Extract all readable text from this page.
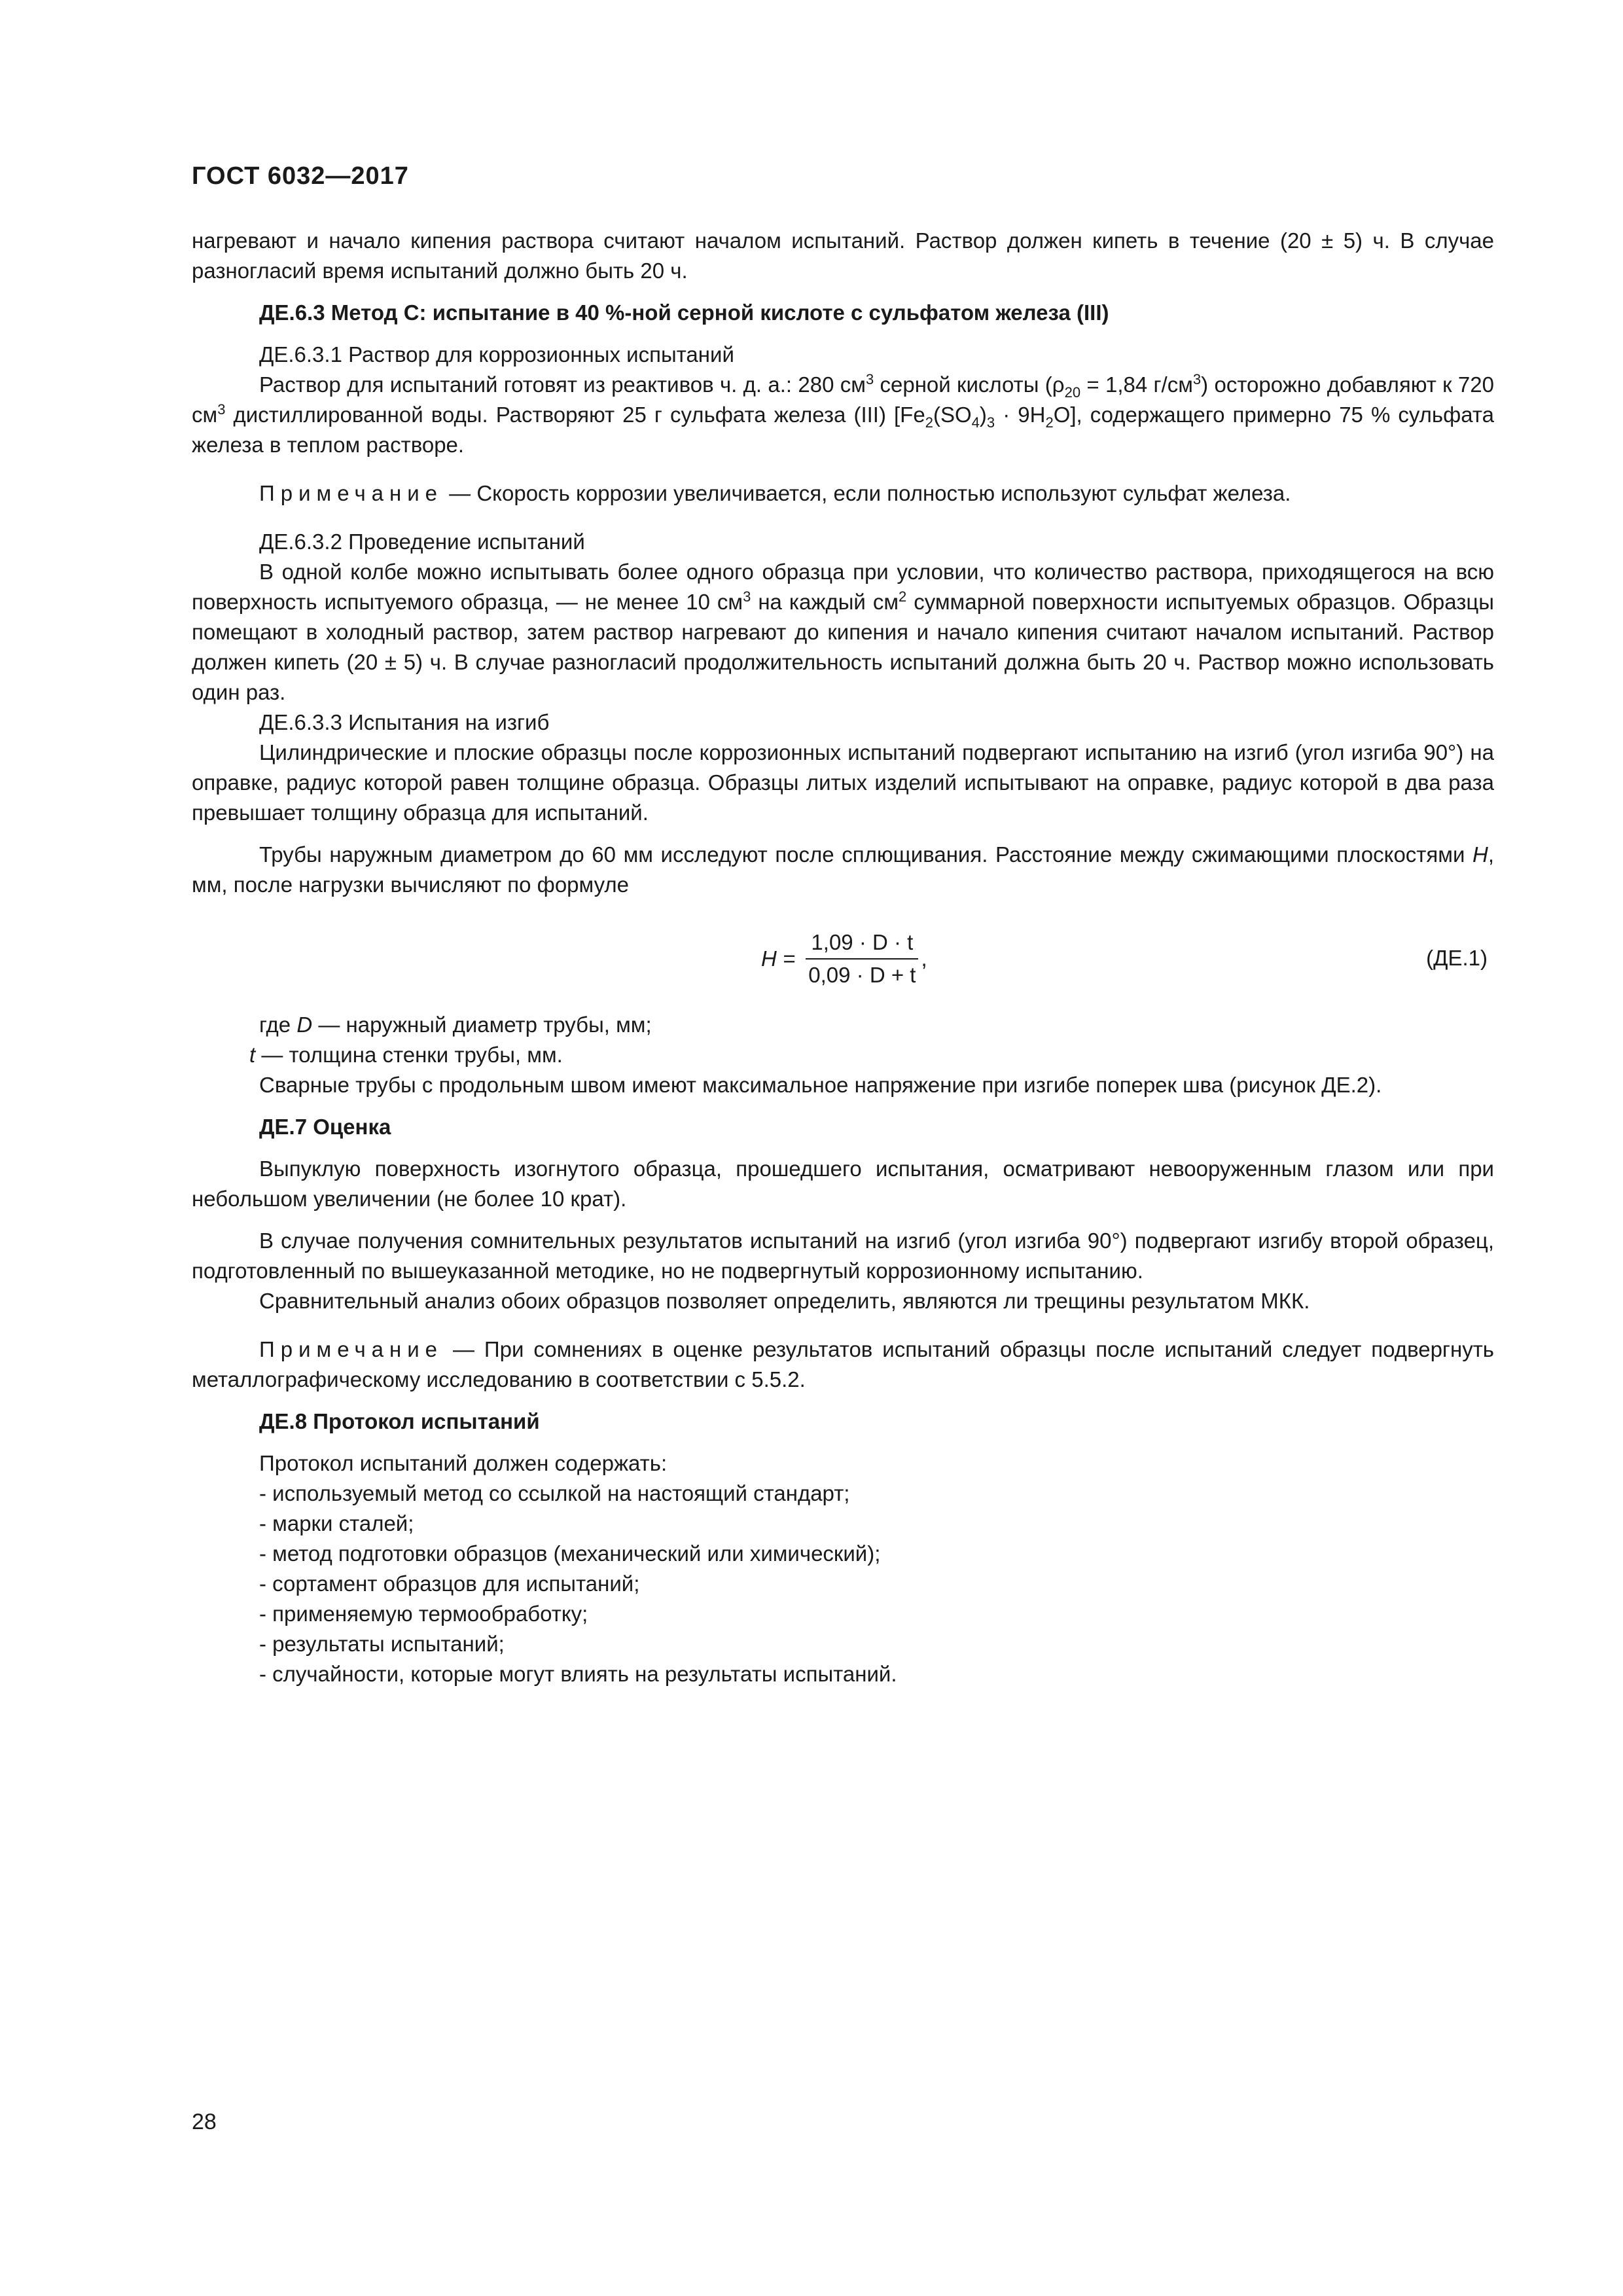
ГОСТ 6032—2017

нагревают и начало кипения раствора считают началом испытаний. Раствор должен кипеть в течение (20 ± 5) ч. В случае разногласий время испытаний должно быть 20 ч.

ДЕ.6.3 Метод С: испытание в 40 %-ной серной кислоте с сульфатом железа (III)

ДЕ.6.3.1 Раствор для коррозионных испытаний

Раствор для испытаний готовят из реактивов ч. д. а.: 280 $см^3$ серной кислоты ($\rho_{20} = 1,84$ $г/см^3$) осторожно добавляют к 720 $см^3$ дистиллированной воды. Растворяют 25 г сульфата железа (III) $[Fe_2(SO_4)_3 \cdot 9H_2O]$, содержащего примерно 75 % сульфата железа в теплом растворе.

Примечание — Скорость коррозии увеличивается, если полностью используют сульфат железа.

ДЕ.6.3.2 Проведение испытаний

В одной колбе можно испытывать более одного образца при условии, что количество раствора, приходящегося на всю поверхность испытуемого образца, — не менее 10 $см^3$ на каждый $см^2$ суммарной поверхности испытуемых образцов. Образцы помещают в холодный раствор, затем раствор нагревают до кипения и начало кипения считают началом испытаний. Раствор должен кипеть (20 ± 5) ч. В случае разногласий продолжительность испытаний должна быть 20 ч. Раствор можно использовать один раз.

ДЕ.6.3.3 Испытания на изгиб

Цилиндрические и плоские образцы после коррозионных испытаний подвергают испытанию на изгиб (угол изгиба 90°) на оправке, радиус которой равен толщине образца. Образцы литых изделий испытывают на оправке, радиус которой в два раза превышает толщину образца для испытаний.

Трубы наружным диаметром до 60 мм исследуют после сплющивания. Расстояние между сжимающими плоскостями H, мм, после нагрузки вычисляют по формуле

$H = \frac{1,09 \cdot D \cdot t}{0,09 \cdot D + t}$ ,	(ДЕ.1)

где D — наружный диаметр трубы, мм;

t — толщина стенки трубы, мм.

Сварные трубы с продольным швом имеют максимальное напряжение при изгибе поперек шва (рисунок ДЕ.2).

ДЕ.7 Оценка

Выпуклую поверхность изогнутого образца, прошедшего испытания, осматривают невооруженным глазом или при небольшом увеличении (не более 10 крат).

В случае получения сомнительных результатов испытаний на изгиб (угол изгиба 90°) подвергают изгибу второй образец, подготовленный по вышеуказанной методике, но не подвергнутый коррозионному испытанию.

Сравнительный анализ обоих образцов позволяет определить, являются ли трещины результатом МКК.

Примечание — При сомнениях в оценке результатов испытаний образцы после испытаний следует подвергнуть металлографическому исследованию в соответствии с 5.5.2.

ДЕ.8 Протокол испытаний

Протокол испытаний должен содержать:

- используемый метод со ссылкой на настоящий стандарт;

- марки сталей;

- метод подготовки образцов (механический или химический);

- сортамент образцов для испытаний;

- применяемую термообработку;

- результаты испытаний;

- случайности, которые могут влиять на результаты испытаний.

28
